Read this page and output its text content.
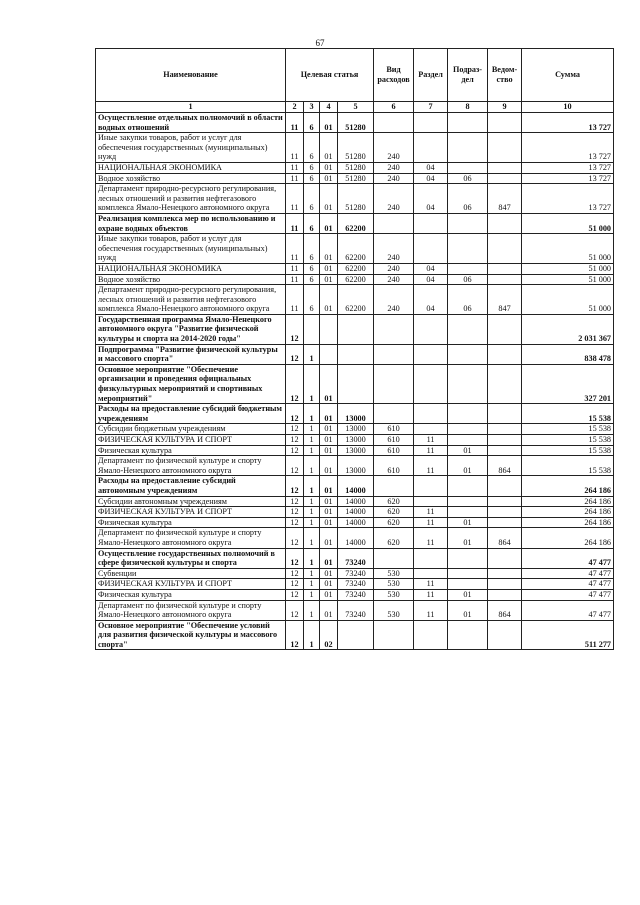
67
Наименование	Целевая статья				Вид расходов	Раздел	Подраз-дел	Ведом-ство	Сумма
1	2	3	4	5	6	7	8	9	10
Осуществление отдельных полномочий в области водных отношений	11	6	01	51280					13 727
Иные закупки товаров, работ и услуг для обеспечения государственных (муниципальных) нужд	11	6	01	51280	240				13 727
НАЦИОНАЛЬНАЯ ЭКОНОМИКА	11	6	01	51280	240	04			13 727
Водное хозяйство	11	6	01	51280	240	04	06		13 727
Департамент природно-ресурсного регулирования, лесных отношений и развития нефтегазового комплекса Ямало-Ненецкого автономного округа	11	6	01	51280	240	04	06	847	13 727
Реализация комплекса мер по использованию и охране водных объектов	11	6	01	62200					51 000
Иные закупки товаров, работ и услуг для обеспечения государственных (муниципальных) нужд	11	6	01	62200	240				51 000
НАЦИОНАЛЬНАЯ ЭКОНОМИКА	11	6	01	62200	240	04			51 000
Водное хозяйство	11	6	01	62200	240	04	06		51 000
Департамент природно-ресурсного регулирования, лесных отношений и развития нефтегазового комплекса Ямало-Ненецкого автономного округа	11	6	01	62200	240	04	06	847	51 000
Государственная программа Ямало-Ненецкого автономного округа "Развитие физической культуры и спорта на 2014-2020 годы"	12								2 031 367
Подпрограмма "Развитие физической культуры и массового спорта"	12	1							838 478
Основное мероприятие "Обеспечение организации и проведения официальных физкультурных мероприятий и спортивных мероприятий"	12	1	01						327 201
Расходы на предоставление субсидий бюджетным учреждениям	12	1	01	13000					15 538
Субсидии бюджетным учреждениям	12	1	01	13000	610				15 538
ФИЗИЧЕСКАЯ КУЛЬТУРА И СПОРТ	12	1	01	13000	610	11			15 538
Физическая культура	12	1	01	13000	610	11	01		15 538
Департамент по физической культуре и спорту Ямало-Ненецкого автономного округа	12	1	01	13000	610	11	01	864	15 538
Расходы на предоставление субсидий автономным учреждениям	12	1	01	14000					264 186
Субсидии автономным учреждениям	12	1	01	14000	620				264 186
ФИЗИЧЕСКАЯ КУЛЬТУРА И СПОРТ	12	1	01	14000	620	11			264 186
Физическая культура	12	1	01	14000	620	11	01		264 186
Департамент по физической культуре и спорту Ямало-Ненецкого автономного округа	12	1	01	14000	620	11	01	864	264 186
Осуществление государственных полномочий в сфере физической культуры и спорта	12	1	01	73240					47 477
Субвенции	12	1	01	73240	530				47 477
ФИЗИЧЕСКАЯ КУЛЬТУРА И СПОРТ	12	1	01	73240	530	11			47 477
Физическая культура	12	1	01	73240	530	11	01		47 477
Департамент по физической культуре и спорту Ямало-Ненецкого автономного округа	12	1	01	73240	530	11	01	864	47 477
Основное мероприятие "Обеспечение условий для развития физической культуры и массового спорта"	12	1	02						511 277
